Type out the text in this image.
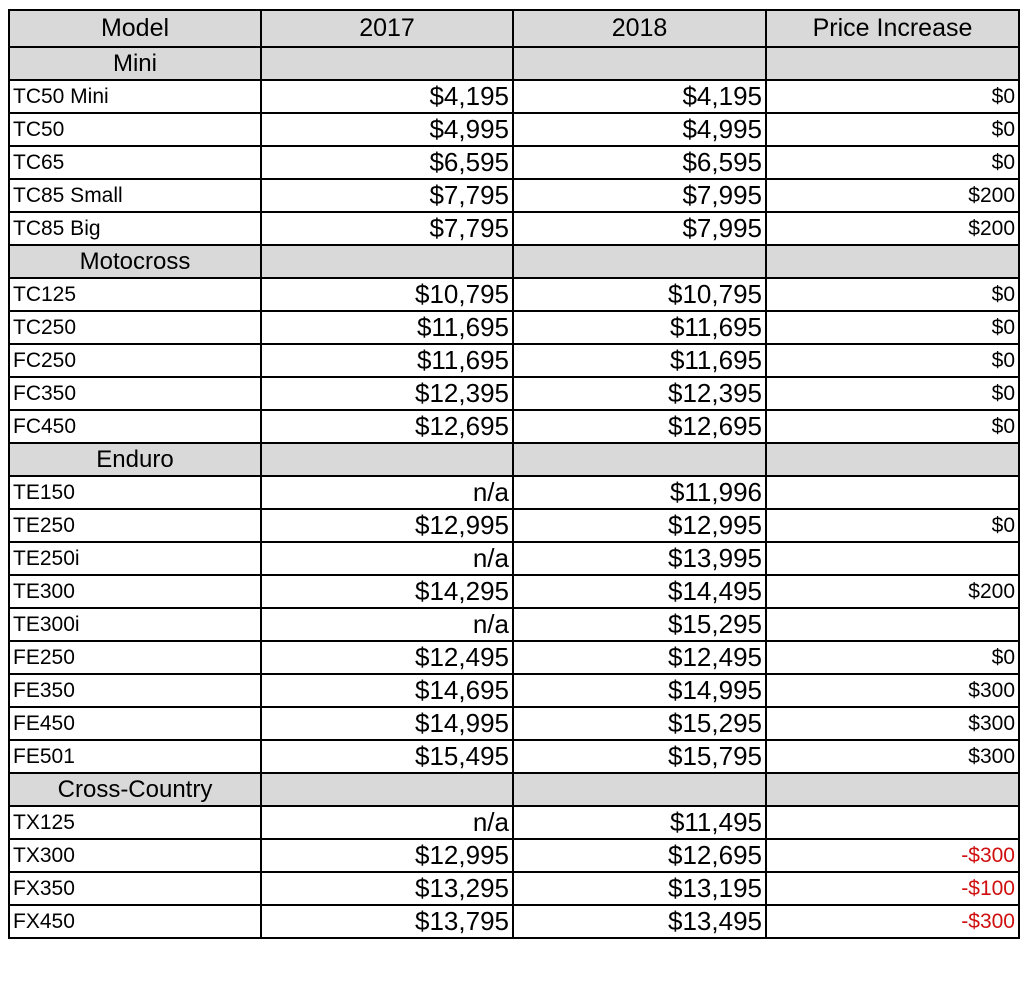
Model	2017	2018	Price Increase
Mini			
TC50 Mini	$4,195	$4,195	$0
TC50	$4,995	$4,995	$0
TC65	$6,595	$6,595	$0
TC85 Small	$7,795	$7,995	$200
TC85 Big	$7,795	$7,995	$200
Motocross			
TC125	$10,795	$10,795	$0
TC250	$11,695	$11,695	$0
FC250	$11,695	$11,695	$0
FC350	$12,395	$12,395	$0
FC450	$12,695	$12,695	$0
Enduro			
TE150	n/a	$11,996	
TE250	$12,995	$12,995	$0
TE250i	n/a	$13,995	
TE300	$14,295	$14,495	$200
TE300i	n/a	$15,295	
FE250	$12,495	$12,495	$0
FE350	$14,695	$14,995	$300
FE450	$14,995	$15,295	$300
FE501	$15,495	$15,795	$300
Cross-Country			
TX125	n/a	$11,495	
TX300	$12,995	$12,695	-$300
FX350	$13,295	$13,195	-$100
FX450	$13,795	$13,495	-$300
